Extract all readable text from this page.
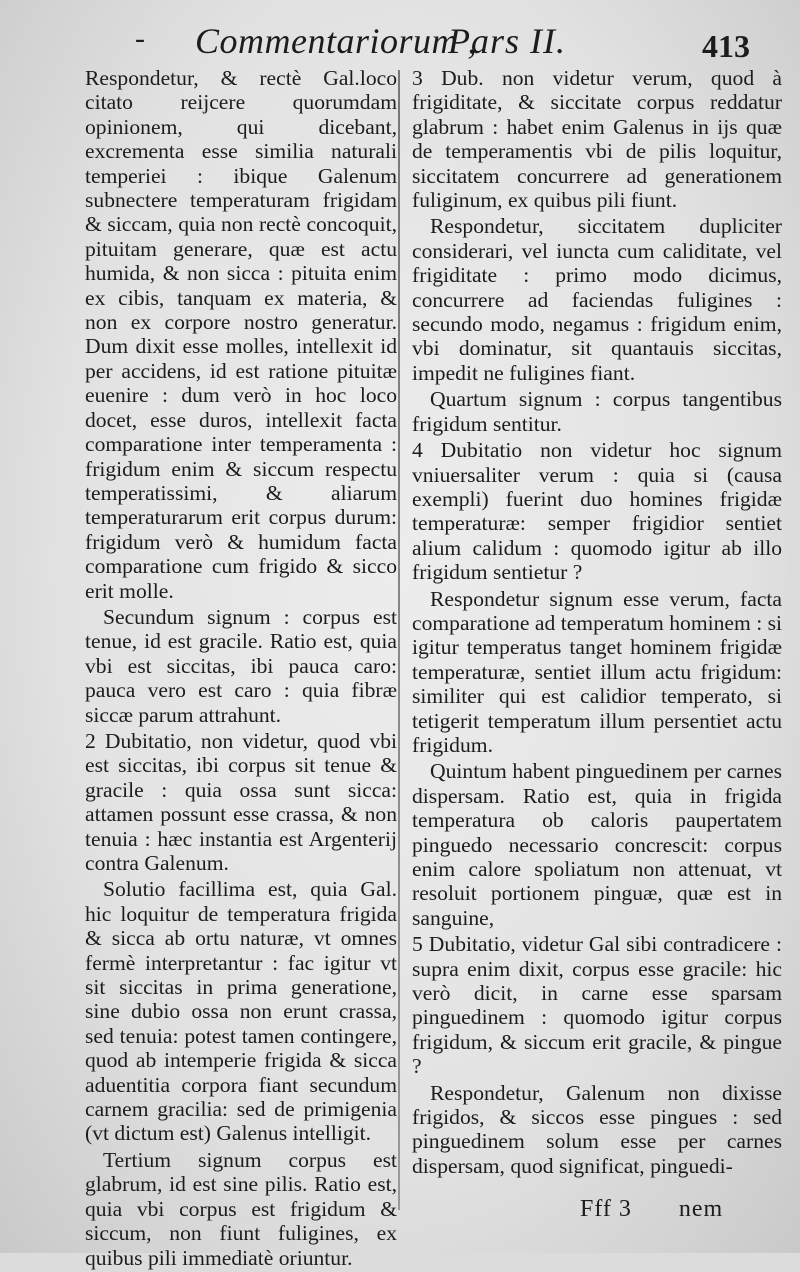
- Commentariorum ,
Pars II.	413

Respondetur, & rectè Gal.loco citato reijcere quorumdam opinionem, qui dicebant, excrementa esse similia naturali temperiei : ibique Galenum subnectere temperaturam frigidam & siccam, quia non rectè concoquit, pituitam generare, quæ est actu humida, & non sicca : pituita enim ex cibis, tanquam ex materia, & non ex corpore nostro generatur. Dum dixit esse molles, intellexit id per accidens, id est ratione pituitæ euenire : dum verò in hoc loco docet, esse duros, intellexit facta comparatione inter temperamenta : frigidum enim & siccum respectu temperatissimi, & aliarum temperaturarum erit corpus durum: frigidum verò & humidum facta comparatione cum frigido & sicco erit molle.

Secundum signum : corpus est tenue, id est gracile. Ratio est, quia vbi est siccitas, ibi pauca caro: pauca vero est caro : quia fibræ siccæ parum attrahunt.

2 Dubitatio, non videtur, quod vbi est siccitas, ibi corpus sit tenue & gracile : quia ossa sunt sicca: attamen possunt esse crassa, & non tenuia : hæc instantia est Argenterij contra Galenum.

Solutio facillima est, quia Gal. hic loquitur de temperatura frigida & sicca ab ortu naturæ, vt omnes fermè interpretantur : fac igitur vt sit siccitas in prima generatione, sine dubio ossa non erunt crassa, sed tenuia: potest tamen contingere, quod ab intemperie frigida & sicca aduentitia corpora fiant secundum carnem gracilia: sed de primigenia (vt dictum est) Galenus intelligit.

Tertium signum corpus est glabrum, id est sine pilis. Ratio est, quia vbi corpus est frigidum & siccum, non fiunt fuligines, ex quibus pili immediatè oriuntur.

3 Dub. non videtur verum, quod à frigiditate, & siccitate corpus reddatur glabrum : habet enim Galenus in ijs quæ de temperamentis vbi de pilis loquitur, siccitatem concurrere ad generationem fuliginum, ex quibus pili fiunt.

Respondetur, siccitatem dupliciter considerari, vel iuncta cum caliditate, vel frigiditate : primo modo dicimus, concurrere ad faciendas fuligines : secundo modo, negamus : frigidum enim, vbi dominatur, sit quantauis siccitas, impedit ne fuligines fiant.

Quartum signum : corpus tangentibus frigidum sentitur.

4 Dubitatio non videtur hoc signum vniuersaliter verum : quia si (causa exempli) fuerint duo homines frigidæ temperaturæ: semper frigidior sentiet alium calidum : quomodo igitur ab illo frigidum sentietur ?

Respondetur signum esse verum, facta comparatione ad temperatum hominem : si igitur temperatus tanget hominem frigidæ temperaturæ, sentiet illum actu frigidum: similiter qui est calidior temperato, si tetigerit temperatum illum persentiet actu frigidum.

Quintum habent pinguedinem per carnes dispersam. Ratio est, quia in frigida temperatura ob caloris paupertatem pinguedo necessario concrescit: corpus enim calore spoliatum non attenuat, vt resoluit portionem pinguæ, quæ est in sanguine,

5 Dubitatio, videtur Gal sibi contradicere : supra enim dixit, corpus esse gracile: hic verò dicit, in carne esse sparsam pinguedinem : quomodo igitur corpus frigidum, & siccum erit gracile, & pingue ?

Respondetur, Galenum non dixisse frigidos, & siccos esse pingues : sed pinguedinem solum esse per carnes dispersam, quod significat, pinguedi-

Fff 3 nem
